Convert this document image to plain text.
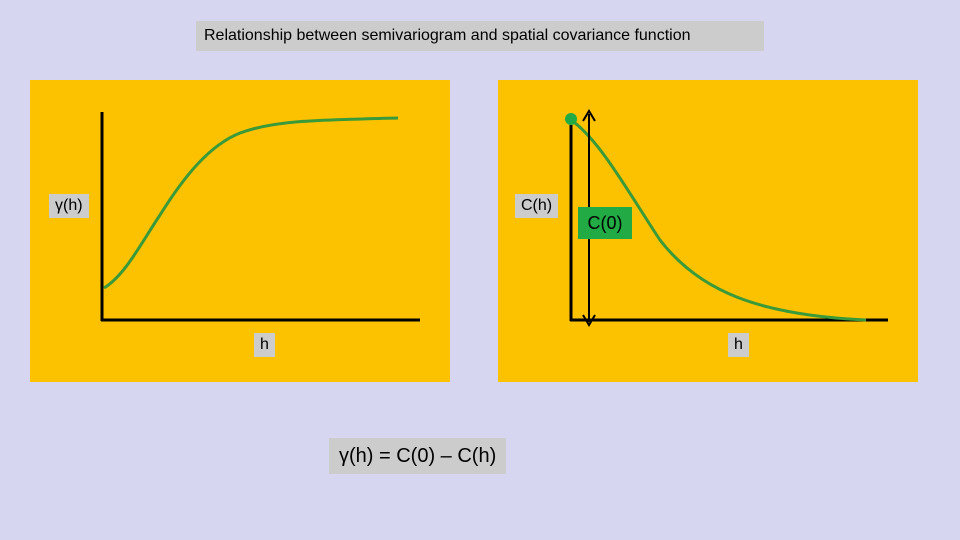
Relationship between semivariogram and spatial covariance function
γ(h)
h
C(h)
h
C(0)
γ(h) = C(0) – C(h)
